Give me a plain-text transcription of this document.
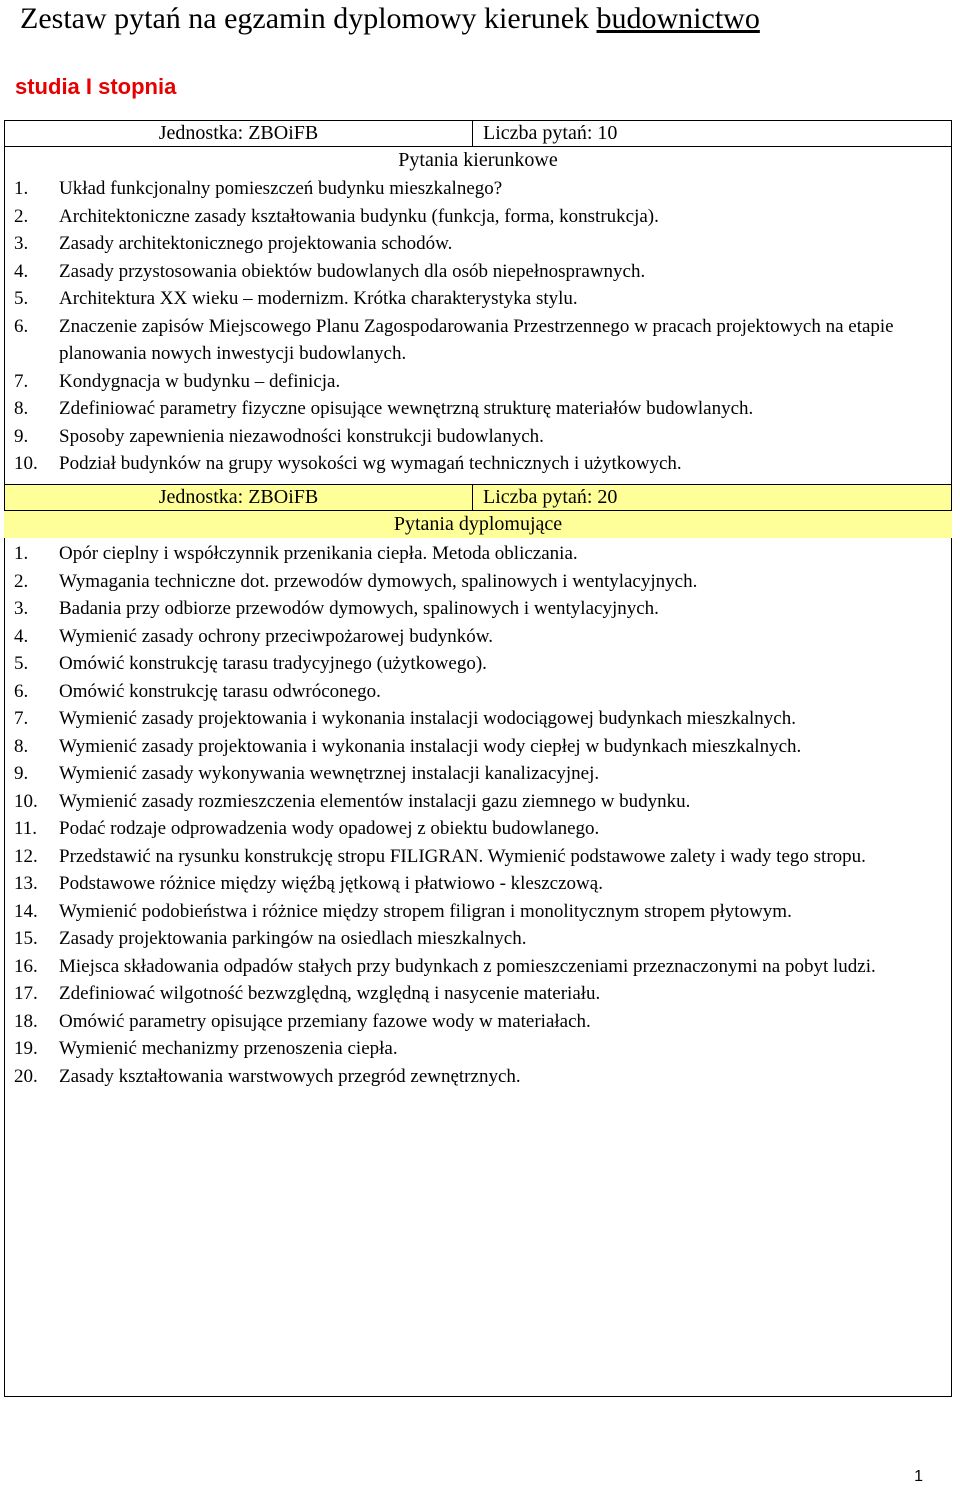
Zestaw pytań na egzamin dyplomowy kierunek budownictwo
studia I stopnia
Jednostka: ZBOiFB	Liczba pytań: 10
Pytania kierunkowe
1. Układ funkcjonalny pomieszczeń budynku mieszkalnego?
2. Architektoniczne zasady kształtowania budynku (funkcja, forma, konstrukcja).
3. Zasady architektonicznego projektowania schodów.
4. Zasady przystosowania obiektów budowlanych dla osób niepełnosprawnych.
5. Architektura XX wieku – modernizm. Krótka charakterystyka stylu.
6. Znaczenie zapisów Miejscowego Planu Zagospodarowania Przestrzennego w pracach projektowych na etapie planowania nowych inwestycji budowlanych.
7. Kondygnacja w budynku – definicja.
8. Zdefiniować parametry fizyczne opisujące wewnętrzną strukturę materiałów budowlanych.
9. Sposoby zapewnienia niezawodności konstrukcji budowlanych.
10. Podział budynków na grupy wysokości wg wymagań technicznych i użytkowych.
Jednostka: ZBOiFB	Liczba pytań: 20
Pytania dyplomujące
1. Opór cieplny i współczynnik przenikania ciepła. Metoda obliczania.
2. Wymagania techniczne dot. przewodów dymowych, spalinowych i wentylacyjnych.
3. Badania przy odbiorze przewodów dymowych, spalinowych i wentylacyjnych.
4. Wymienić zasady ochrony przeciwpożarowej budynków.
5. Omówić konstrukcję tarasu tradycyjnego (użytkowego).
6. Omówić konstrukcję tarasu odwróconego.
7. Wymienić zasady projektowania i wykonania instalacji wodociągowej budynkach mieszkalnych.
8. Wymienić zasady projektowania i wykonania instalacji wody ciepłej w budynkach mieszkalnych.
9. Wymienić zasady wykonywania wewnętrznej instalacji kanalizacyjnej.
10. Wymienić zasady rozmieszczenia elementów instalacji gazu ziemnego w budynku.
11. Podać rodzaje odprowadzenia wody opadowej z obiektu budowlanego.
12. Przedstawić na rysunku konstrukcję stropu FILIGRAN. Wymienić podstawowe zalety i wady tego stropu.
13. Podstawowe różnice między więźbą jętkową i płatwiowo - kleszczową.
14. Wymienić podobieństwa i różnice między stropem filigran i monolitycznym stropem płytowym.
15. Zasady projektowania parkingów na osiedlach mieszkalnych.
16. Miejsca składowania odpadów stałych przy budynkach z pomieszczeniami przeznaczonymi na pobyt ludzi.
17. Zdefiniować wilgotność bezwzględną, względną i nasycenie materiału.
18. Omówić parametry opisujące przemiany fazowe wody w materiałach.
19. Wymienić mechanizmy przenoszenia ciepła.
20. Zasady kształtowania warstwowych przegród zewnętrznych.
1
